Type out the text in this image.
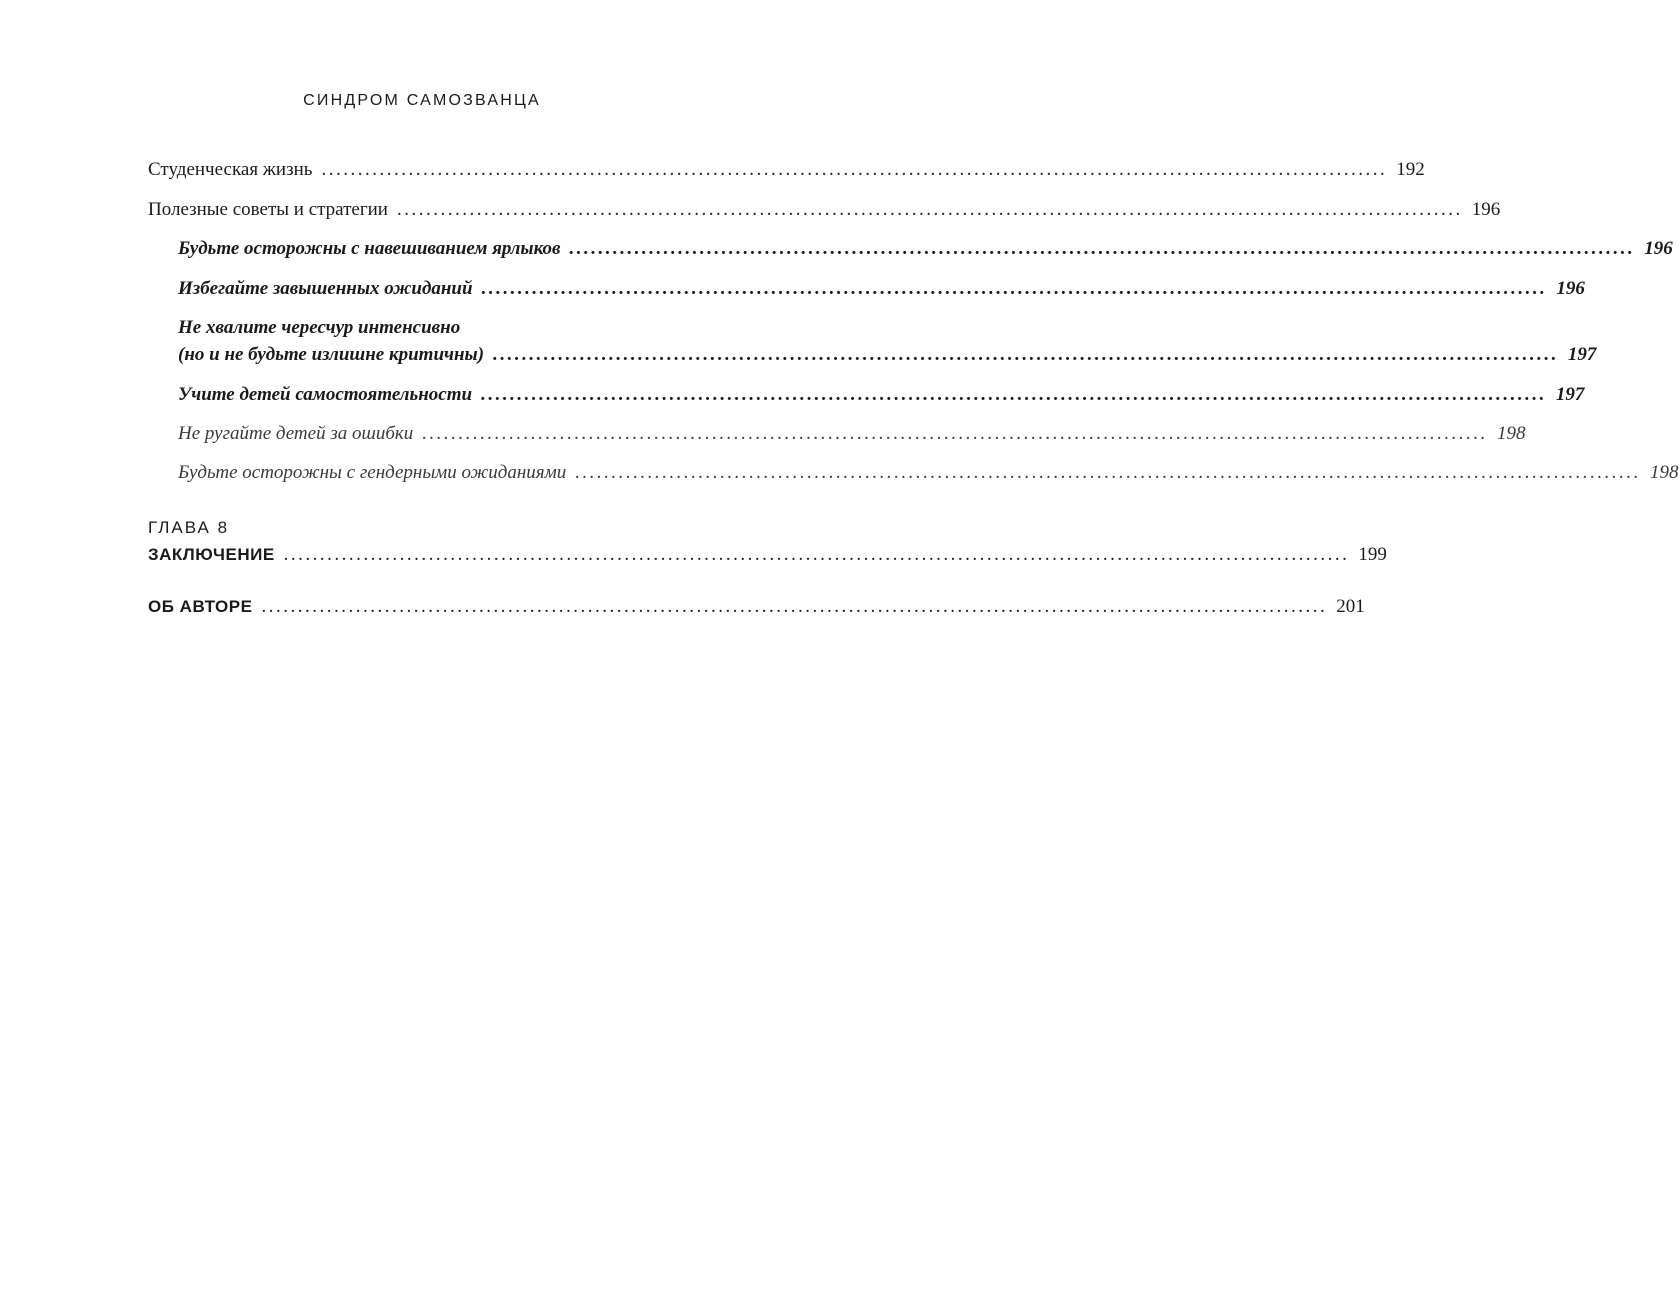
СИНДРОМ САМОЗВАНЦА
Студенческая жизнь ................................................................................................................................................... 192
Полезные советы и стратегии ................................................................................................................................................... 196
Будьте осторожны с навешиванием ярлыков ................................................................................................................................................... 196
Избегайте завышенных ожиданий ................................................................................................................................................... 196
Не хвалите чересчур интенсивно
(но и не будьте излишне критичны) ................................................................................................................................................... 197
Учите детей самостоятельности ................................................................................................................................................... 197
Не ругайте детей за ошибки ................................................................................................................................................... 198
Будьте осторожны с гендерными ожиданиями ................................................................................................................................................... 198
ГЛАВА 8
ЗАКЛЮЧЕНИЕ ................................................................................................................................................... 199
ОБ АВТОРЕ ................................................................................................................................................... 201
